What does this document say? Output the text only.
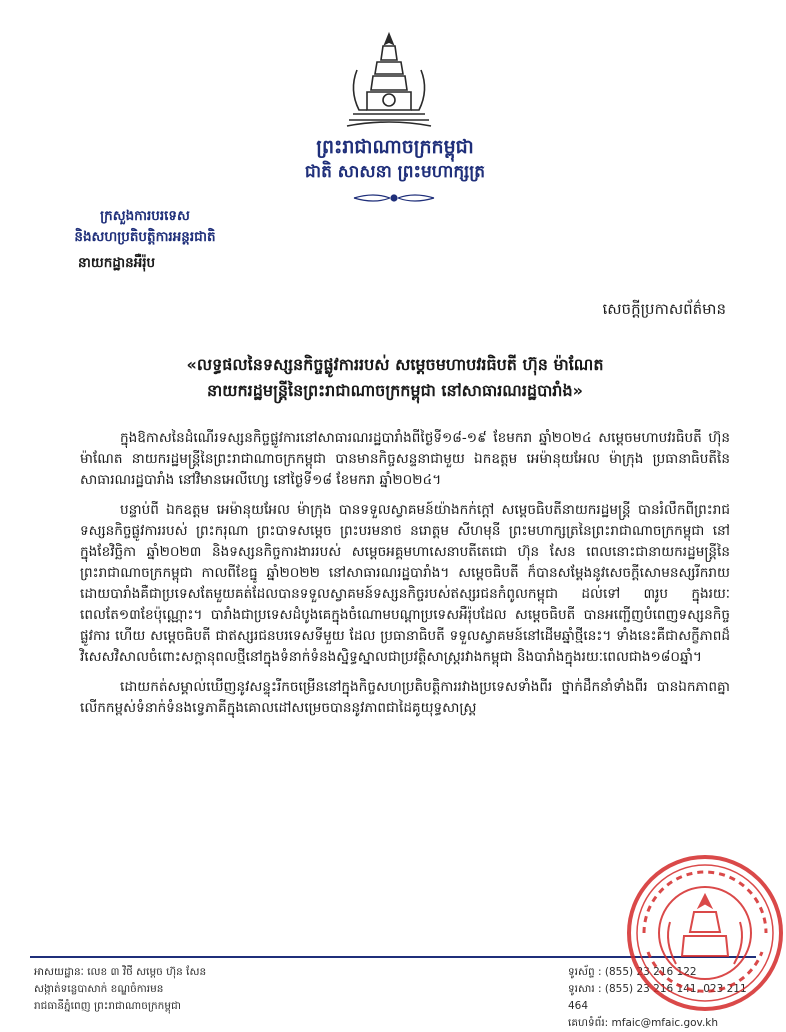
ព្រះរាជាណាចក្រកម្ពុជា
ជាតិ សាសនា ព្រះមហាក្សត្រ
ក្រសួងការបរទេស
និងសហប្រតិបត្តិការអន្តរជាតិ
នាយកដ្ឋានអឺរ៉ុប
សេចក្ដីប្រកាសព័ត៌មាន
«លទ្ធផលនៃទស្សនកិច្ចផ្លូវការរបស់ សម្តេចមហាបវរធិបតី ហ៊ុន ម៉ាណែត
នាយករដ្ឋមន្ត្រីនៃព្រះរាជាណាចក្រកម្ពុជា នៅសាធារណរដ្ឋបារាំង»

ក្នុងឱកាសនៃដំណើរទស្សនកិច្ចផ្លូវការនៅសាធារណរដ្ឋបារាំងពីថ្ងៃទី១៨-១៩ ខែមករា ឆ្នាំ២០២៤ សម្តេចមហាបវរធិបតី ហ៊ុន ម៉ាណែត នាយករដ្ឋមន្ត្រីនៃព្រះរាជាណាចក្រកម្ពុជា បានមានកិច្ចសន្ទនាជាមួយ ឯកឧត្តម អេម៉ានុយអែល ម៉ាក្រុង ប្រធានាធិបតីនៃសាធារណរដ្ឋបារាំង នៅវិមានអេលីហ្សេ នៅថ្ងៃទី១៨ ខែមករា ឆ្នាំ២០២៤។

បន្ទាប់ពី ឯកឧត្តម អេម៉ានុយអែល ម៉ាក្រុង បានទទួលស្វាគមន៍យ៉ាងកក់ក្តៅ សម្តេចធិបតីនាយករដ្ឋមន្ត្រី បានរំលឹកពីព្រះរាជទស្សនកិច្ចផ្លូវការរបស់ ព្រះករុណា ព្រះបាទសម្តេច ព្រះបរមនាថ នរោត្តម សីហមុនី ព្រះមហាក្សត្រនៃព្រះរាជាណាចក្រកម្ពុជា នៅក្នុងខែវិច្ឆិកា ឆ្នាំ២០២៣ និងទស្សនកិច្ចការងាររបស់ សម្តេចអគ្គមហាសេនាបតីតេជោ ហ៊ុន សែន ពេលនោះជានាយករដ្ឋមន្ត្រីនៃព្រះរាជាណាចក្រកម្ពុជា កាលពីខែធ្នូ ឆ្នាំ២០២២ នៅសាធារណរដ្ឋបារាំង។ សម្តេចធិបតី ក៏បានសម្តែងនូវសេចក្តីសោមនស្សរីករាយ ដោយបារាំងគឺជាប្រទេសតែមួយគត់ដែលបានទទួលស្វាគមន៍ទស្សនកិច្ចរបស់ឥស្សរជនកំពូលកម្ពុជា ដល់ទៅ ៣រូប ក្នុងរយៈពេលតែ១៣ខែប៉ុណ្ណោះ។ បារាំងជាប្រទេសដំបូងគេក្នុងចំណោមបណ្តាប្រទេសអឺរ៉ុបដែល សម្តេចធិបតី បានអញ្ជើញបំពេញទស្សនកិច្ចផ្លូវការ ហើយ សម្តេចធិបតី ជាឥស្សរជនបរទេសទីមួយ ដែល ប្រធានាធិបតី ទទួលស្វាគមន៍នៅដើមឆ្នាំថ្មីនេះ។ ទាំងនេះគឺជាសក្ខីភាពដ៏វិសេសវិសាលចំពោះសក្តានុពលថ្មីនៅក្នុងទំនាក់ទំនងស្និទ្ធស្នាលជាប្រវត្តិសាស្ត្ររវាងកម្ពុជា និងបារាំងក្នុងរយៈពេលជាង១៨០ឆ្នាំ។

ដោយកត់សម្គាល់ឃើញនូវសន្ទុះរីកចម្រើននៅក្នុងកិច្ចសហប្រតិបត្តិការរវាងប្រទេសទាំងពីរ ថ្នាក់ដឹកនាំទាំងពីរ បានឯកភាពគ្នាលើកកម្ពស់ទំនាក់ទំនងទ្វេភាគីក្នុងគោលដៅសម្រេចបាននូវភាពជាដៃគូយុទ្ធសាស្ត្រ

អាសយដ្ឋានៈ លេខ ៣ វិថី សម្ដេច ហ៊ុន សែន
សង្កាត់ទន្លេបាសាក់ ខណ្ឌចំការមន
រាជធានីភ្នំពេញ ព្រះរាជាណាចក្រកម្ពុជា
ទូរស័ព្ទ : (855) 23 216 122
ទូរសារ : (855) 23 216 141, 023 211 464
គេហទំព័រ: mfaic@mfaic.gov.kh
